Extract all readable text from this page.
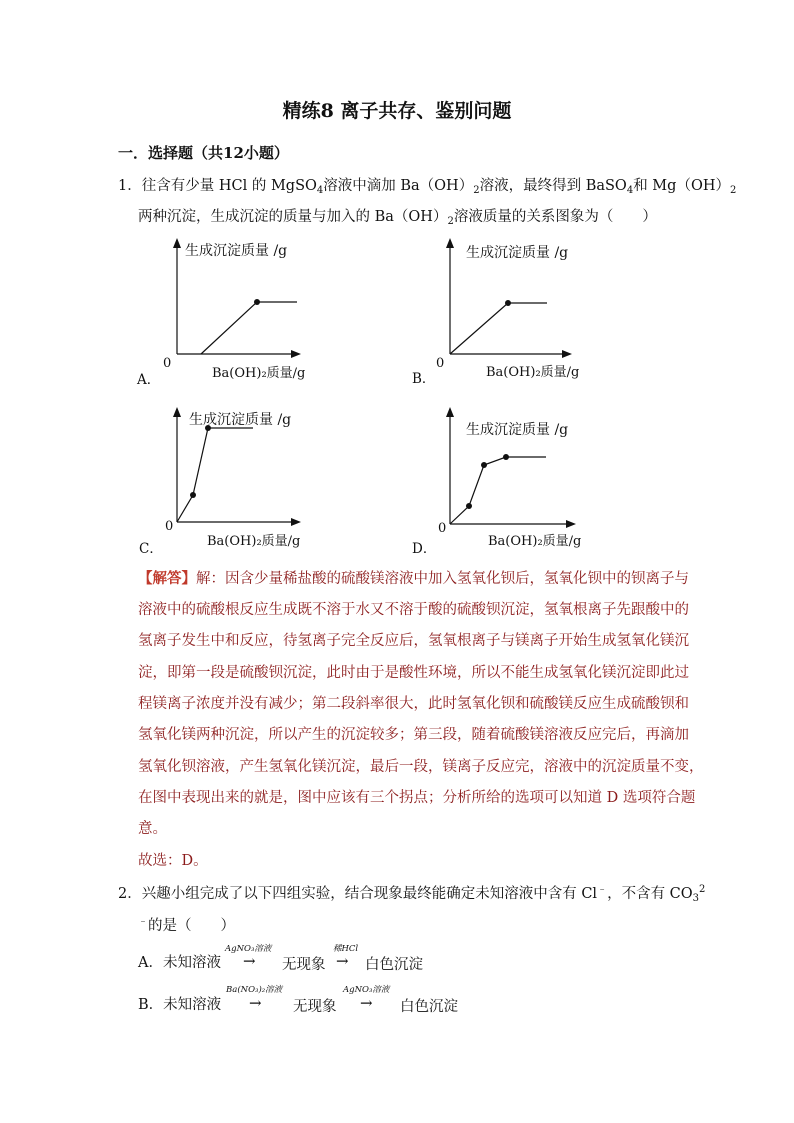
精练8 离子共存、鉴别问题
一．选择题（共12小题）
1．往含有少量 HCl 的 MgSO$_4$溶液中滴加 $Ba(OH)_2$溶液，最终得到 BaSO$_4$和 $Mg(OH)_2$
两种沉淀，生成沉淀的质量与加入的 $Ba(OH)_2$溶液质量的关系图象为（　　）
生成沉淀质量 /g
0
Ba(OH)₂质量/g
A．
生成沉淀质量 /g
0
Ba(OH)₂质量/g
B．
生成沉淀质量 /g
0
Ba(OH)₂质量/g
C．
生成沉淀质量 /g
0
Ba(OH)₂质量/g
D．
【解答】解：因含少量稀盐酸的硫酸镁溶液中加入氢氧化钡后，氢氧化钡中的钡离子与
溶液中的硫酸根反应生成既不溶于水又不溶于酸的硫酸钡沉淀，氢氧根离子先跟酸中的
氢离子发生中和反应，待氢离子完全反应后，氢氧根离子与镁离子开始生成氢氧化镁沉
淀，即第一段是硫酸钡沉淀，此时由于是酸性环境，所以不能生成氢氧化镁沉淀即此过
程镁离子浓度并没有减少；第二段斜率很大，此时氢氧化钡和硫酸镁反应生成硫酸钡和
氢氧化镁两种沉淀，所以产生的沉淀较多；第三段，随着硫酸镁溶液反应完后，再滴加
氢氧化钡溶液，产生氢氧化镁沉淀，最后一段，镁离子反应完，溶液中的沉淀质量不变，
在图中表现出来的就是，图中应该有三个拐点；分析所给的选项可以知道 D 选项符合题
意。
故选：D。
2．兴趣小组完成了以下四组实验，结合现象最终能确定未知溶液中含有 Cl﹣，不含有 $CO_3^2$
﹣的是（　　）
A．未知溶液
AgNO₃溶液
→ 无现象
稀HCl
→ 白色沉淀
B．未知溶液
Ba(NO₃)₂溶液
→ 无现象
AgNO₃溶液
→ 白色沉淀
